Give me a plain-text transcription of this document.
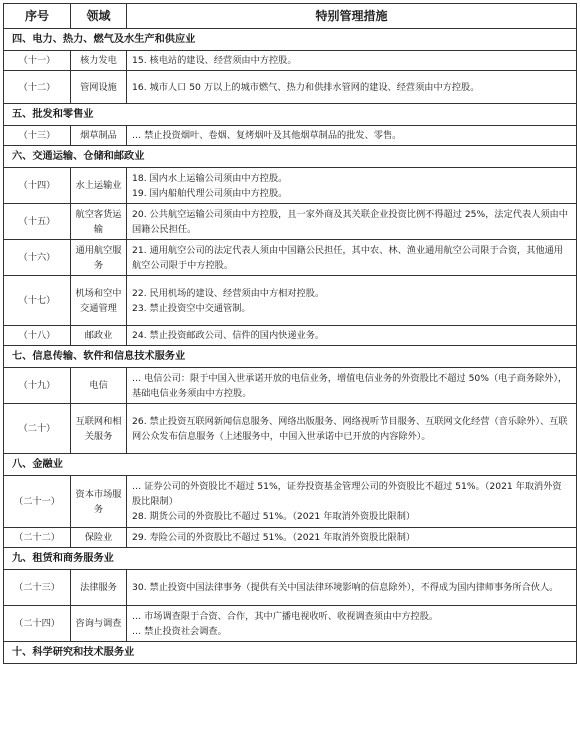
序号	领域	特别管理措施
四、电力、热力、燃气及水生产和供应业		
（十一）	核力发电	15. 核电站的建设、经营须由中方控股。

（十二）	管网设施	16. 城市人口 50 万以上的城市燃气、热力和供排水管网的建设、经营须由中方控股。

五、批发和零售业		
（十三）	烟草制品	… 禁止投资烟叶、卷烟、复烤烟叶及其他烟草制品的批发、零售。

六、交通运输、仓储和邮政业		
（十四）	水上运输业	18. 国内水上运输公司须由中方控股。
19. 国内船舶代理公司须由中方控股。

（十五）	航空客货运输	20. 公共航空运输公司须由中方控股，且一家外商及其关联企业投资比例不得超过 25%，法定代表人须由中国籍公民担任。

（十六）	通用航空服务	21. 通用航空公司的法定代表人须由中国籍公民担任，其中农、林、渔业通用航空公司限于合资，其他通用航空公司限于中方控股。

（十七）	机场和空中交通管理	22. 民用机场的建设、经营须由中方相对控股。
23. 禁止投资空中交通管制。

（十八）	邮政业	24. 禁止投资邮政公司、信件的国内快递业务。

七、信息传输、软件和信息技术服务业		
（十九）	电信	… 电信公司：限于中国入世承诺开放的电信业务，增值电信业务的外资股比不超过 50%（电子商务除外），基础电信业务须由中方控股。

（二十）	互联网和相关服务	26. 禁止投资互联网新闻信息服务、网络出版服务、网络视听节目服务、互联网文化经营（音乐除外）、互联网公众发布信息服务（上述服务中，中国入世承诺中已开放的内容除外）。

八、金融业		
（二十一）	资本市场服务	… 证券公司的外资股比不超过 51%，证券投资基金管理公司的外资股比不超过 51%。（2021 年取消外资股比限制）
28. 期货公司的外资股比不超过 51%。（2021 年取消外资股比限制）

（二十二）	保险业	29. 寿险公司的外资股比不超过 51%。（2021 年取消外资股比限制）

九、租赁和商务服务业		
（二十三）	法律服务	30. 禁止投资中国法律事务（提供有关中国法律环境影响的信息除外），不得成为国内律师事务所合伙人。

（二十四）	咨询与调查	… 市场调查限于合资、合作，其中广播电视收听、收视调查须由中方控股。
… 禁止投资社会调查。

十、科学研究和技术服务业		
